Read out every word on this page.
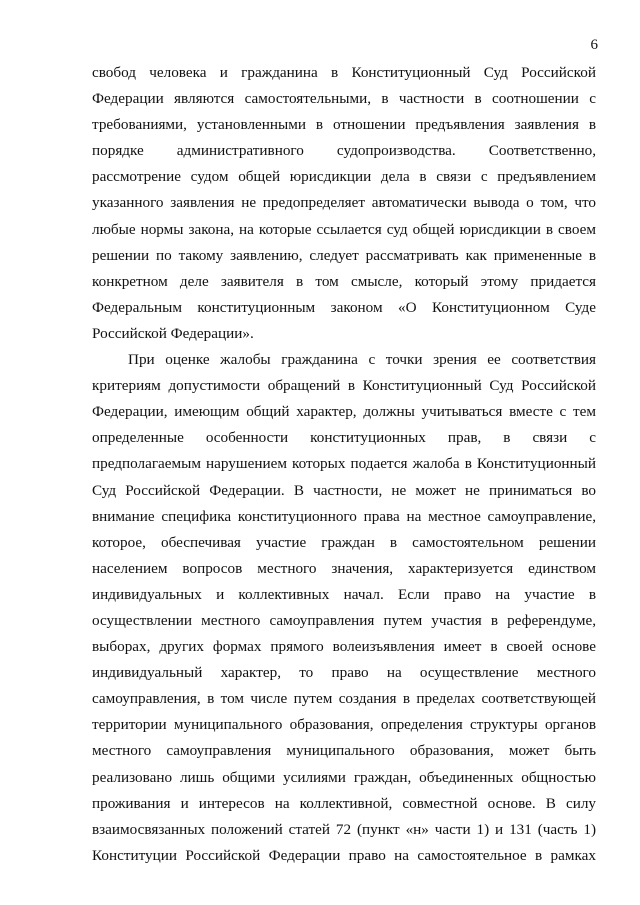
6
свобод человека и гражданина в Конституционный Суд Российской
Федерации являются самостоятельными, в частности в соотношении с
требованиями, установленными в отношении предъявления заявления в
порядке административного судопроизводства. Соответственно,
рассмотрение судом общей юрисдикции дела в связи с предъявлением
указанного заявления не предопределяет автоматически вывода о том, что
любые нормы закона, на которые ссылается суд общей юрисдикции в своем
решении по такому заявлению, следует рассматривать как примененные в
конкретном деле заявителя в том смысле, который этому придается
Федеральным конституционным законом «О Конституционном Суде
Российской Федерации».
При оценке жалобы гражданина с точки зрения ее соответствия
критериям допустимости обращений в Конституционный Суд Российской
Федерации, имеющим общий характер, должны учитываться вместе с тем
определенные особенности конституционных прав, в связи с
предполагаемым нарушением которых подается жалоба в Конституционный
Суд Российской Федерации. В частности, не может не приниматься во
внимание специфика конституционного права на местное самоуправление,
которое, обеспечивая участие граждан в самостоятельном решении
населением вопросов местного значения, характеризуется единством
индивидуальных и коллективных начал. Если право на участие в
осуществлении местного самоуправления путем участия в референдуме,
выборах, других формах прямого волеизъявления имеет в своей основе
индивидуальный характер, то право на осуществление местного
самоуправления, в том числе путем создания в пределах соответствующей
территории муниципального образования, определения структуры органов
местного самоуправления муниципального образования, может быть
реализовано лишь общими усилиями граждан, объединенных общностью
проживания и интересов на коллективной, совместной основе. В силу
взаимосвязанных положений статей 72 (пункт «н» части 1) и 131 (часть 1)
Конституции Российской Федерации право на самостоятельное в рамках
